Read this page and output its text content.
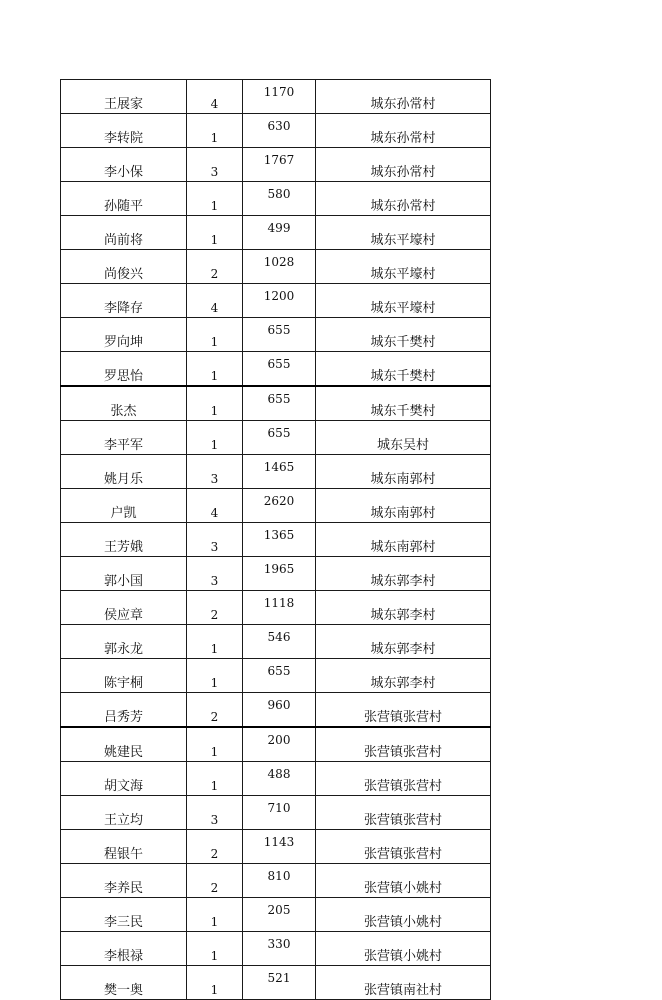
王展家	4	1170	城东孙常村
李转院	1	630	城东孙常村
李小保	3	1767	城东孙常村
孙随平	1	580	城东孙常村
尚前将	1	499	城东平壕村
尚俊兴	2	1028	城东平壕村
李降存	4	1200	城东平壕村
罗向坤	1	655	城东千樊村
罗思怡	1	655	城东千樊村
张杰	1	655	城东千樊村
李平军	1	655	城东吴村
姚月乐	3	1465	城东南郭村
户凯	4	2620	城东南郭村
王芳娥	3	1365	城东南郭村
郭小国	3	1965	城东郭李村
侯应章	2	1118	城东郭李村
郭永龙	1	546	城东郭李村
陈宇桐	1	655	城东郭李村
吕秀芳	2	960	张营镇张营村
姚建民	1	200	张营镇张营村
胡文海	1	488	张营镇张营村
王立均	3	710	张营镇张营村
程银午	2	1143	张营镇张营村
李养民	2	810	张营镇小姚村
李三民	1	205	张营镇小姚村
李根禄	1	330	张营镇小姚村
樊一奥	1	521	张营镇南社村
